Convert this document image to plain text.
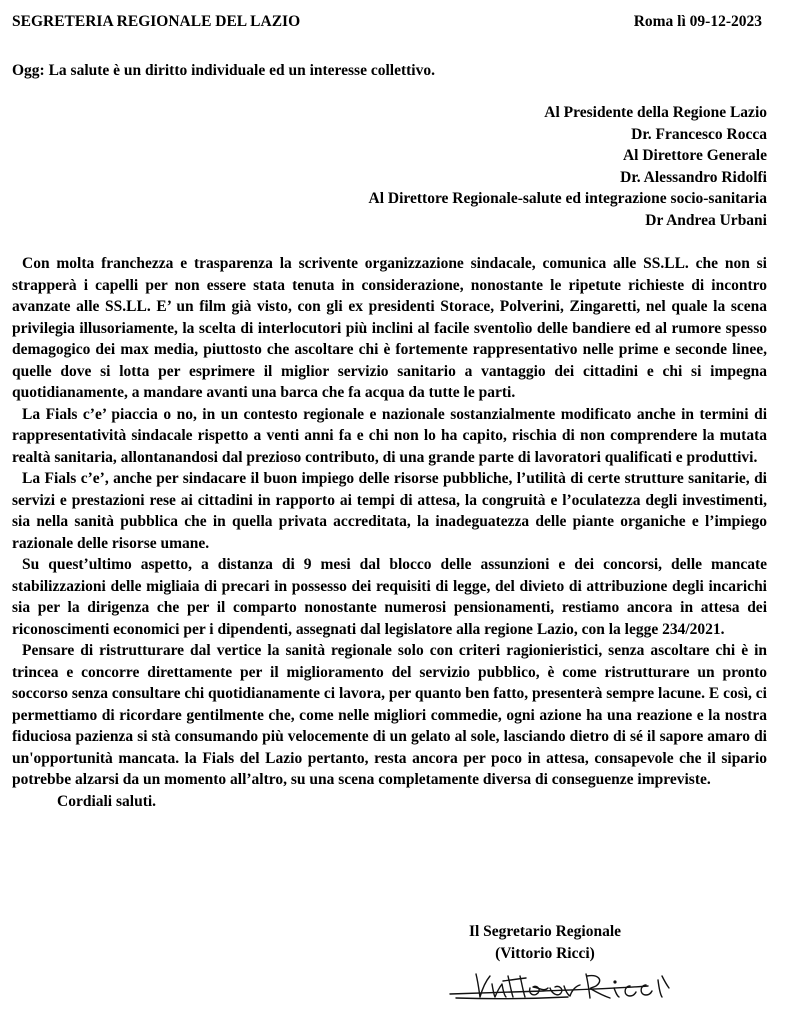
SEGRETERIA REGIONALE DEL LAZIO	Roma lì 09-12-2023
Ogg: La salute è un diritto individuale ed un interesse collettivo.
Al Presidente della Regione Lazio
Dr. Francesco Rocca
Al Direttore Generale
Dr. Alessandro Ridolfi
Al Direttore Regionale-salute ed integrazione socio-sanitaria
Dr Andrea Urbani

Con molta franchezza e trasparenza la scrivente organizzazione sindacale, comunica alle SS.LL. che non si strapperà i capelli per non essere stata tenuta in considerazione, nonostante le ripetute richieste di incontro avanzate alle SS.LL. E’ un film già visto, con gli ex presidenti Storace, Polverini, Zingaretti, nel quale la scena privilegia illusoriamente, la scelta di interlocutori più inclini al facile sventolìo delle bandiere ed al rumore spesso demagogico dei max media, piuttosto che ascoltare chi è fortemente rappresentativo nelle prime e seconde linee, quelle dove si lotta per esprimere il miglior servizio sanitario a vantaggio dei cittadini e chi si impegna quotidianamente, a mandare avanti una barca che fa acqua da tutte le parti.

La Fials c’e’ piaccia o no, in un contesto regionale e nazionale sostanzialmente modificato anche in termini di rappresentatività sindacale rispetto a venti anni fa e chi non lo ha capito, rischia di non comprendere la mutata realtà sanitaria, allontanandosi dal prezioso contributo, di una grande parte di lavoratori qualificati e produttivi.

La Fials c’e’, anche per sindacare il buon impiego delle risorse pubbliche, l’utilità di certe strutture sanitarie, di servizi e prestazioni rese ai cittadini in rapporto ai tempi di attesa, la congruità e l’oculatezza degli investimenti, sia nella sanità pubblica che in quella privata accreditata, la inadeguatezza delle piante organiche e l’impiego razionale delle risorse umane.

Su quest’ultimo aspetto, a distanza di 9 mesi dal blocco delle assunzioni e dei concorsi, delle mancate stabilizzazioni delle migliaia di precari in possesso dei requisiti di legge, del divieto di attribuzione degli incarichi sia per la dirigenza che per il comparto nonostante numerosi pensionamenti, restiamo ancora in attesa dei riconoscimenti economici per i dipendenti, assegnati dal legislatore alla regione Lazio, con la legge 234/2021.

Pensare di ristrutturare dal vertice la sanità regionale solo con criteri ragionieristici, senza ascoltare chi è in trincea e concorre direttamente per il miglioramento del servizio pubblico, è come ristrutturare un pronto soccorso senza consultare chi quotidianamente ci lavora, per quanto ben fatto, presenterà sempre lacune. E così, ci permettiamo di ricordare gentilmente che, come nelle migliori commedie, ogni azione ha una reazione e la nostra fiduciosa pazienza si stà consumando più velocemente di un gelato al sole, lasciando dietro di sé il sapore amaro di un'opportunità mancata. la Fials del Lazio pertanto, resta ancora per poco in attesa, consapevole che il sipario potrebbe alzarsi da un momento all’altro, su una scena completamente diversa di conseguenze impreviste.

Cordiali saluti.

Il Segretario Regionale
(Vittorio Ricci)
